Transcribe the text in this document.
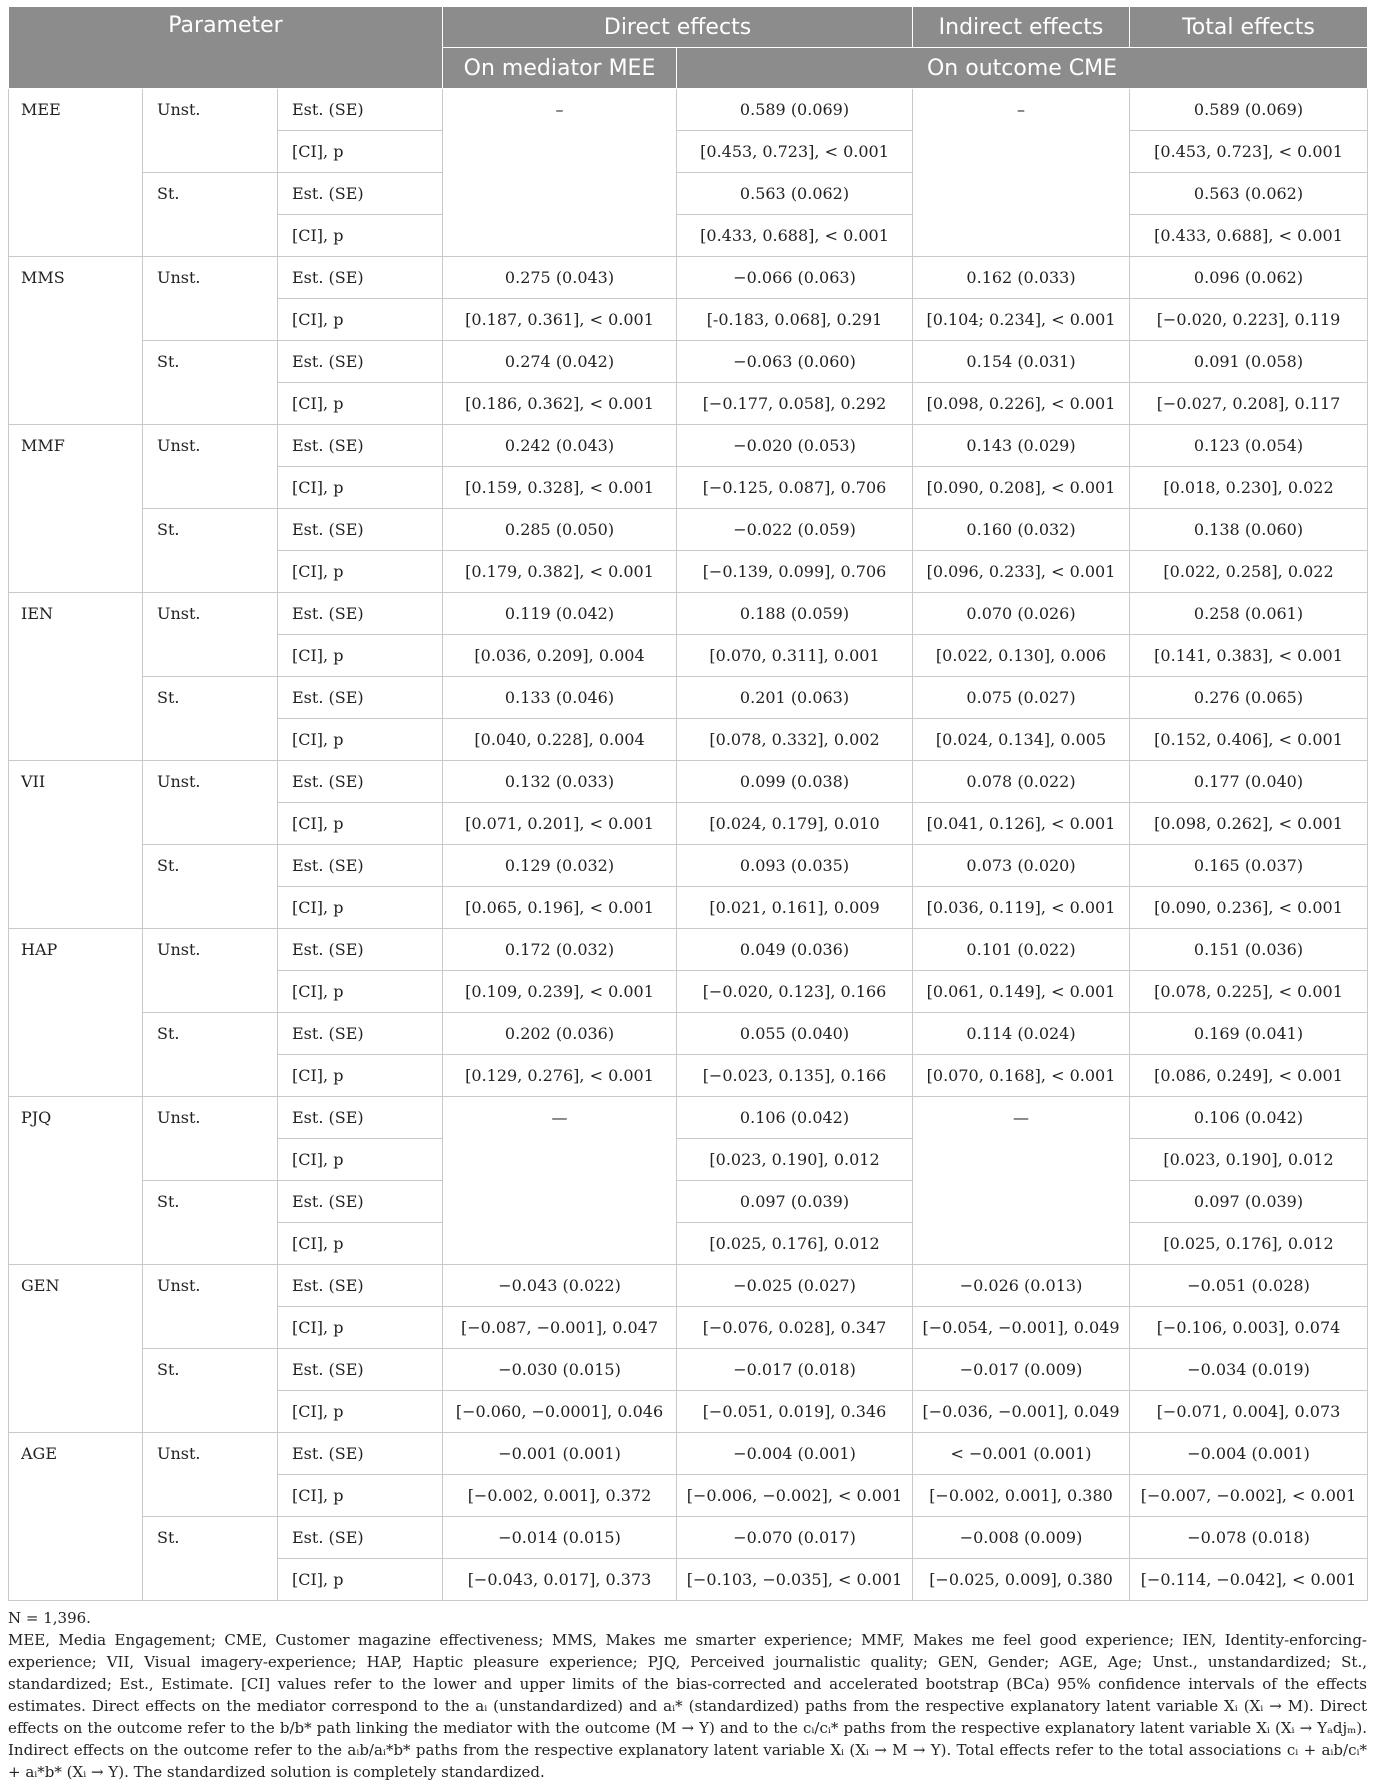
Parameter			Direct effects		Indirect effects	Total effects
			On mediator MEE	On outcome CME		
MEE	Unst.	Est. (SE)	–	0.589 (0.069)	–	0.589 (0.069)
		[CI], p		[0.453, 0.723], < 0.001		[0.453, 0.723], < 0.001
	St.	Est. (SE)		0.563 (0.062)		0.563 (0.062)
		[CI], p		[0.433, 0.688], < 0.001		[0.433, 0.688], < 0.001
MMS	Unst.	Est. (SE)	0.275 (0.043)	−0.066 (0.063)	0.162 (0.033)	0.096 (0.062)
		[CI], p	[0.187, 0.361], < 0.001	[-0.183, 0.068], 0.291	[0.104; 0.234], < 0.001	[−0.020, 0.223], 0.119
	St.	Est. (SE)	0.274 (0.042)	−0.063 (0.060)	0.154 (0.031)	0.091 (0.058)
		[CI], p	[0.186, 0.362], < 0.001	[−0.177, 0.058], 0.292	[0.098, 0.226], < 0.001	[−0.027, 0.208], 0.117
MMF	Unst.	Est. (SE)	0.242 (0.043)	−0.020 (0.053)	0.143 (0.029)	0.123 (0.054)
		[CI], p	[0.159, 0.328], < 0.001	[−0.125, 0.087], 0.706	[0.090, 0.208], < 0.001	[0.018, 0.230], 0.022
	St.	Est. (SE)	0.285 (0.050)	−0.022 (0.059)	0.160 (0.032)	0.138 (0.060)
		[CI], p	[0.179, 0.382], < 0.001	[−0.139, 0.099], 0.706	[0.096, 0.233], < 0.001	[0.022, 0.258], 0.022
IEN	Unst.	Est. (SE)	0.119 (0.042)	0.188 (0.059)	0.070 (0.026)	0.258 (0.061)
		[CI], p	[0.036, 0.209], 0.004	[0.070, 0.311], 0.001	[0.022, 0.130], 0.006	[0.141, 0.383], < 0.001
	St.	Est. (SE)	0.133 (0.046)	0.201 (0.063)	0.075 (0.027)	0.276 (0.065)
		[CI], p	[0.040, 0.228], 0.004	[0.078, 0.332], 0.002	[0.024, 0.134], 0.005	[0.152, 0.406], < 0.001
VII	Unst.	Est. (SE)	0.132 (0.033)	0.099 (0.038)	0.078 (0.022)	0.177 (0.040)
		[CI], p	[0.071, 0.201], < 0.001	[0.024, 0.179], 0.010	[0.041, 0.126], < 0.001	[0.098, 0.262], < 0.001
	St.	Est. (SE)	0.129 (0.032)	0.093 (0.035)	0.073 (0.020)	0.165 (0.037)
		[CI], p	[0.065, 0.196], < 0.001	[0.021, 0.161], 0.009	[0.036, 0.119], < 0.001	[0.090, 0.236], < 0.001
HAP	Unst.	Est. (SE)	0.172 (0.032)	0.049 (0.036)	0.101 (0.022)	0.151 (0.036)
		[CI], p	[0.109, 0.239], < 0.001	[−0.020, 0.123], 0.166	[0.061, 0.149], < 0.001	[0.078, 0.225], < 0.001
	St.	Est. (SE)	0.202 (0.036)	0.055 (0.040)	0.114 (0.024)	0.169 (0.041)
		[CI], p	[0.129, 0.276], < 0.001	[−0.023, 0.135], 0.166	[0.070, 0.168], < 0.001	[0.086, 0.249], < 0.001
PJQ	Unst.	Est. (SE)	—	0.106 (0.042)	—	0.106 (0.042)
		[CI], p		[0.023, 0.190], 0.012		[0.023, 0.190], 0.012
	St.	Est. (SE)		0.097 (0.039)		0.097 (0.039)
		[CI], p		[0.025, 0.176], 0.012		[0.025, 0.176], 0.012
GEN	Unst.	Est. (SE)	−0.043 (0.022)	−0.025 (0.027)	−0.026 (0.013)	−0.051 (0.028)
		[CI], p	[−0.087, −0.001], 0.047	[−0.076, 0.028], 0.347	[−0.054, −0.001], 0.049	[−0.106, 0.003], 0.074
	St.	Est. (SE)	−0.030 (0.015)	−0.017 (0.018)	−0.017 (0.009)	−0.034 (0.019)
		[CI], p	[−0.060, −0.0001], 0.046	[−0.051, 0.019], 0.346	[−0.036, −0.001], 0.049	[−0.071, 0.004], 0.073
AGE	Unst.	Est. (SE)	−0.001 (0.001)	−0.004 (0.001)	< −0.001 (0.001)	−0.004 (0.001)
		[CI], p	[−0.002, 0.001], 0.372	[−0.006, −0.002], < 0.001	[−0.002, 0.001], 0.380	[−0.007, −0.002], < 0.001
	St.	Est. (SE)	−0.014 (0.015)	−0.070 (0.017)	−0.008 (0.009)	−0.078 (0.018)
		[CI], p	[−0.043, 0.017], 0.373	[−0.103, −0.035], < 0.001	[−0.025, 0.009], 0.380	[−0.114, −0.042], < 0.001

N = 1,396.

MEE, Media Engagement; CME, Customer magazine effectiveness; MMS, Makes me smarter experience; MMF, Makes me feel good experience; IEN, Identity-enforcing-experience; VII, Visual imagery-experience; HAP, Haptic pleasure experience; PJQ, Perceived journalistic quality; GEN, Gender; AGE, Age; Unst., unstandardized; St., standardized; Est., Estimate. [CI] values refer to the lower and upper limits of the bias-corrected and accelerated bootstrap (BCa) 95% confidence intervals of the effects estimates. Direct effects on the mediator correspond to the aᵢ (unstandardized) and aᵢ* (standardized) paths from the respective explanatory latent variable Xᵢ (Xᵢ → M). Direct effects on the outcome refer to the b/b* path linking the mediator with the outcome (M → Y) and to the cᵢ/cᵢ* paths from the respective explanatory latent variable Xᵢ (Xᵢ → Yₐdjₘ). Indirect effects on the outcome refer to the aᵢb/aᵢ*b* paths from the respective explanatory latent variable Xᵢ (Xᵢ → M → Y). Total effects refer to the total associations cᵢ + aᵢb/cᵢ* + aᵢ*b* (Xᵢ → Y). The standardized solution is completely standardized.
